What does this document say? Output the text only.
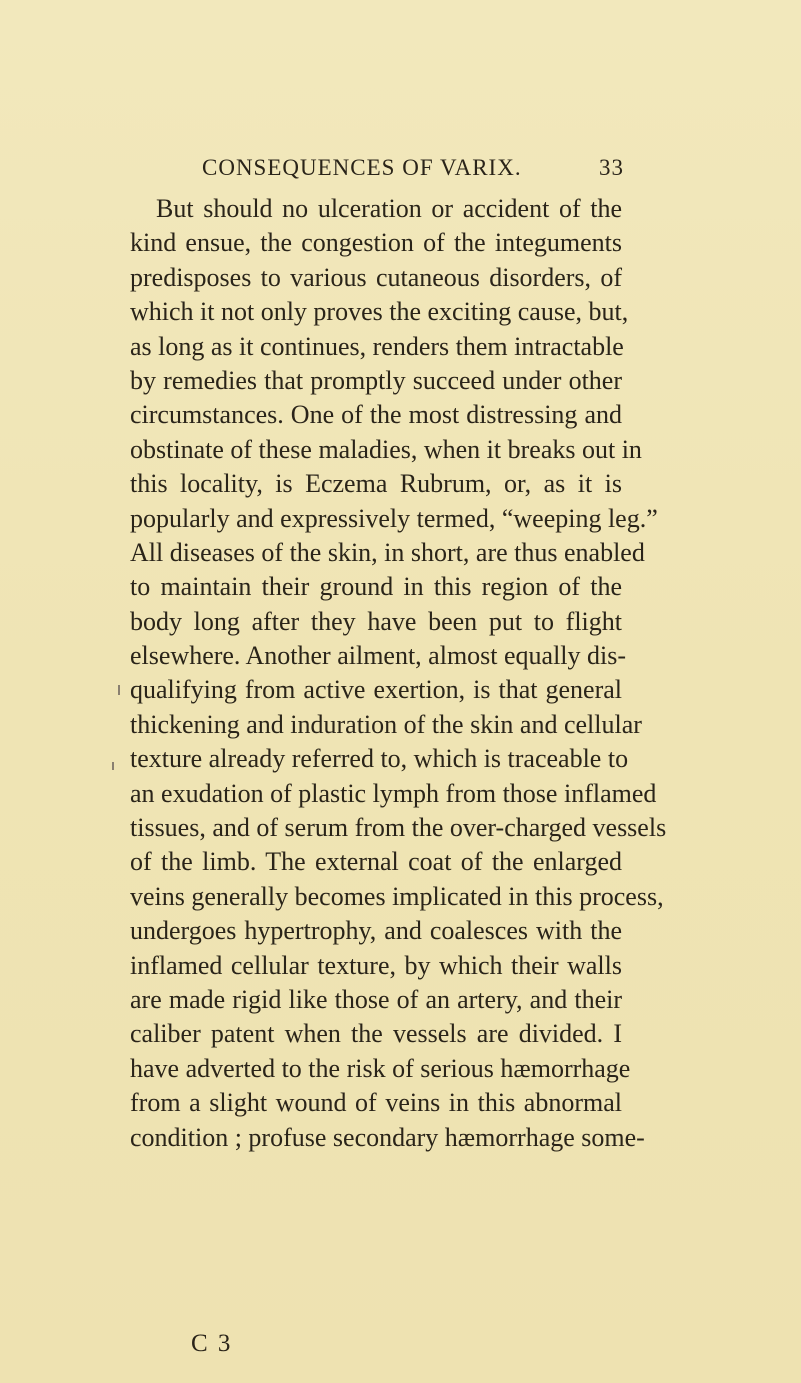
CONSEQUENCES OF VARIX.	33
But should no ulceration or accident of the
kind ensue, the congestion of the integuments
predisposes to various cutaneous disorders, of
which it not only proves the exciting cause, but,
as long as it continues, renders them intractable
by remedies that promptly succeed under other
circumstances. One of the most distressing and
obstinate of these maladies, when it breaks out in
this locality, is Eczema Rubrum, or, as it is
popularly and expressively termed, “weeping leg.”
All diseases of the skin, in short, are thus enabled
to maintain their ground in this region of the
body long after they have been put to flight
elsewhere. Another ailment, almost equally dis-
qualifying from active exertion, is that general
thickening and induration of the skin and cellular
texture already referred to, which is traceable to
an exudation of plastic lymph from those inflamed
tissues, and of serum from the over-charged vessels
of the limb. The external coat of the enlarged
veins generally becomes implicated in this process,
undergoes hypertrophy, and coalesces with the
inflamed cellular texture, by which their walls
are made rigid like those of an artery, and their
caliber patent when the vessels are divided. I
have adverted to the risk of serious hæmorrhage
from a slight wound of veins in this abnormal
condition ; profuse secondary hæmorrhage some-
C 3
